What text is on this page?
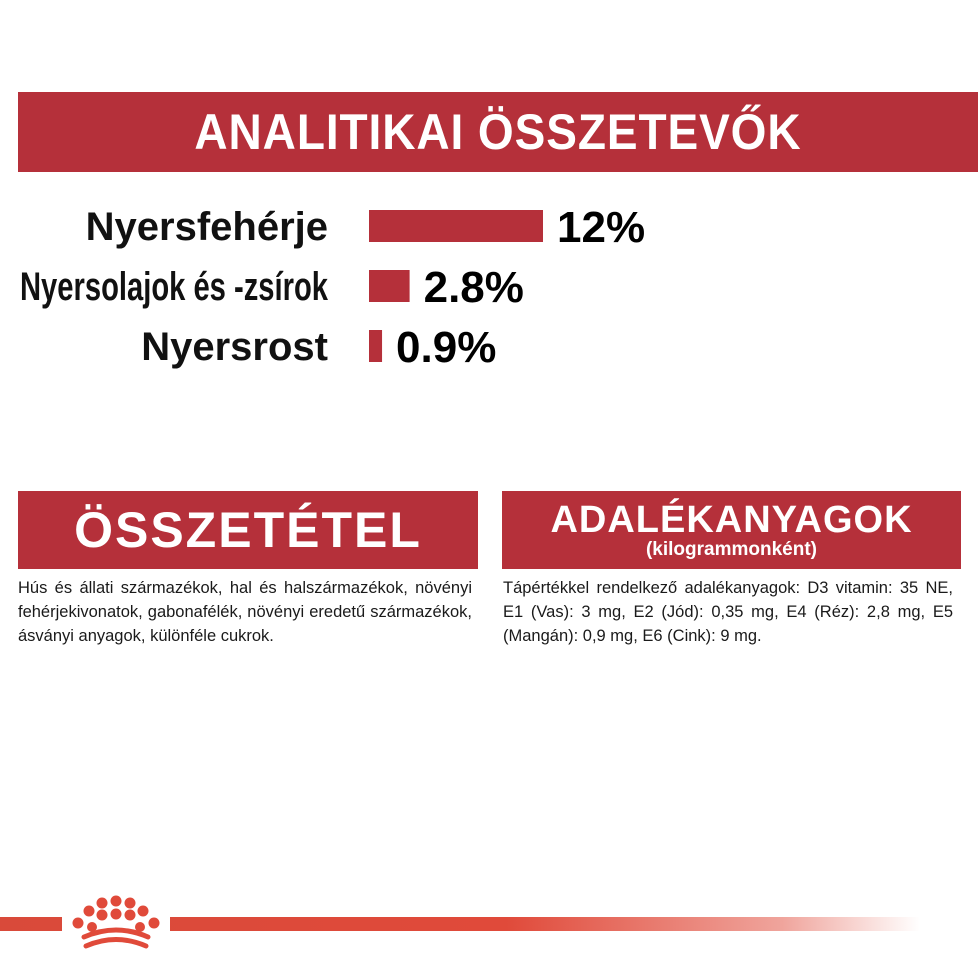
ANALITIKAI ÖSSZETEVŐK
Nyersfehérje	12%
Nyersolajok és -zsírok 2.8%
Nyersrost 0.9%
ÖSSZETÉTEL

Hús és állati származékok, hal és halszármazékok, növényi fehérjekivonatok, gabonafélék, növényi eredetű származékok, ásványi anyagok, különféle cukrok.

ADALÉKANYAGOK
(kilogrammonként)

Tápértékkel rendelkező adalékanyagok: D3 vitamin: 35 NE, E1 (Vas): 3 mg, E2 (Jód): 0,35 mg, E4 (Réz): 2,8 mg, E5 (Mangán): 0,9 mg, E6 (Cink): 9 mg.
